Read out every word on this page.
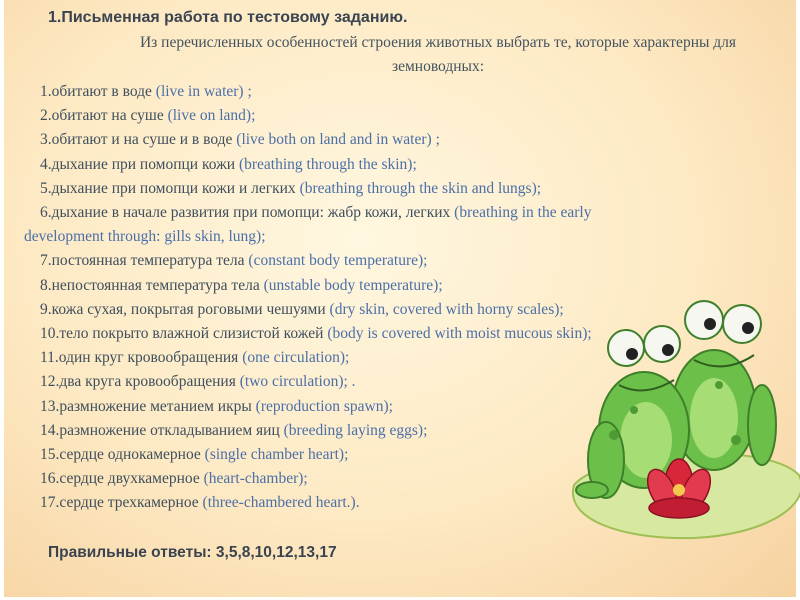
1.Письменная работа по тестовому заданию.

Из перечисленных особенностей строения животных выбрать те, которые характерны для земноводных:
1.обитают в воде (live in water) ;
2.обитают на суше (live on land);
3.обитают и на суше и в воде (live both on land and in water) ;
4.дыхание при помопци кожи (breathing through the skin);
5.дыхание при помопци кожи и легких (breathing through the skin and lungs);
6.дыхание в начале развития при помопци: жабр кожи, легких (breathing in the early
development through: gills skin, lung);
7.постоянная температура тела (constant body temperature);
8.непостоянная температура тела (unstable body temperature);
9.кожа сухая, покрытая роговыми чешуями (dry skin, covered with horny scales);
10.тело покрыто влажной слизистой кожей (body is covered with moist mucous skin);
11.один круг кровообращения (one circulation);
12.два круга кровообращения (two circulation); .
13.размножение метанием икры (reproduction spawn);
14.размножение откладыванием яиц (breeding laying eggs);
15.сердце однокамерное (single chamber heart);
16.сердце двухкамерное (heart-chamber);
17.сердце трехкамерное (three-chambered heart.).

Правильные ответы: 3,5,8,10,12,13,17
